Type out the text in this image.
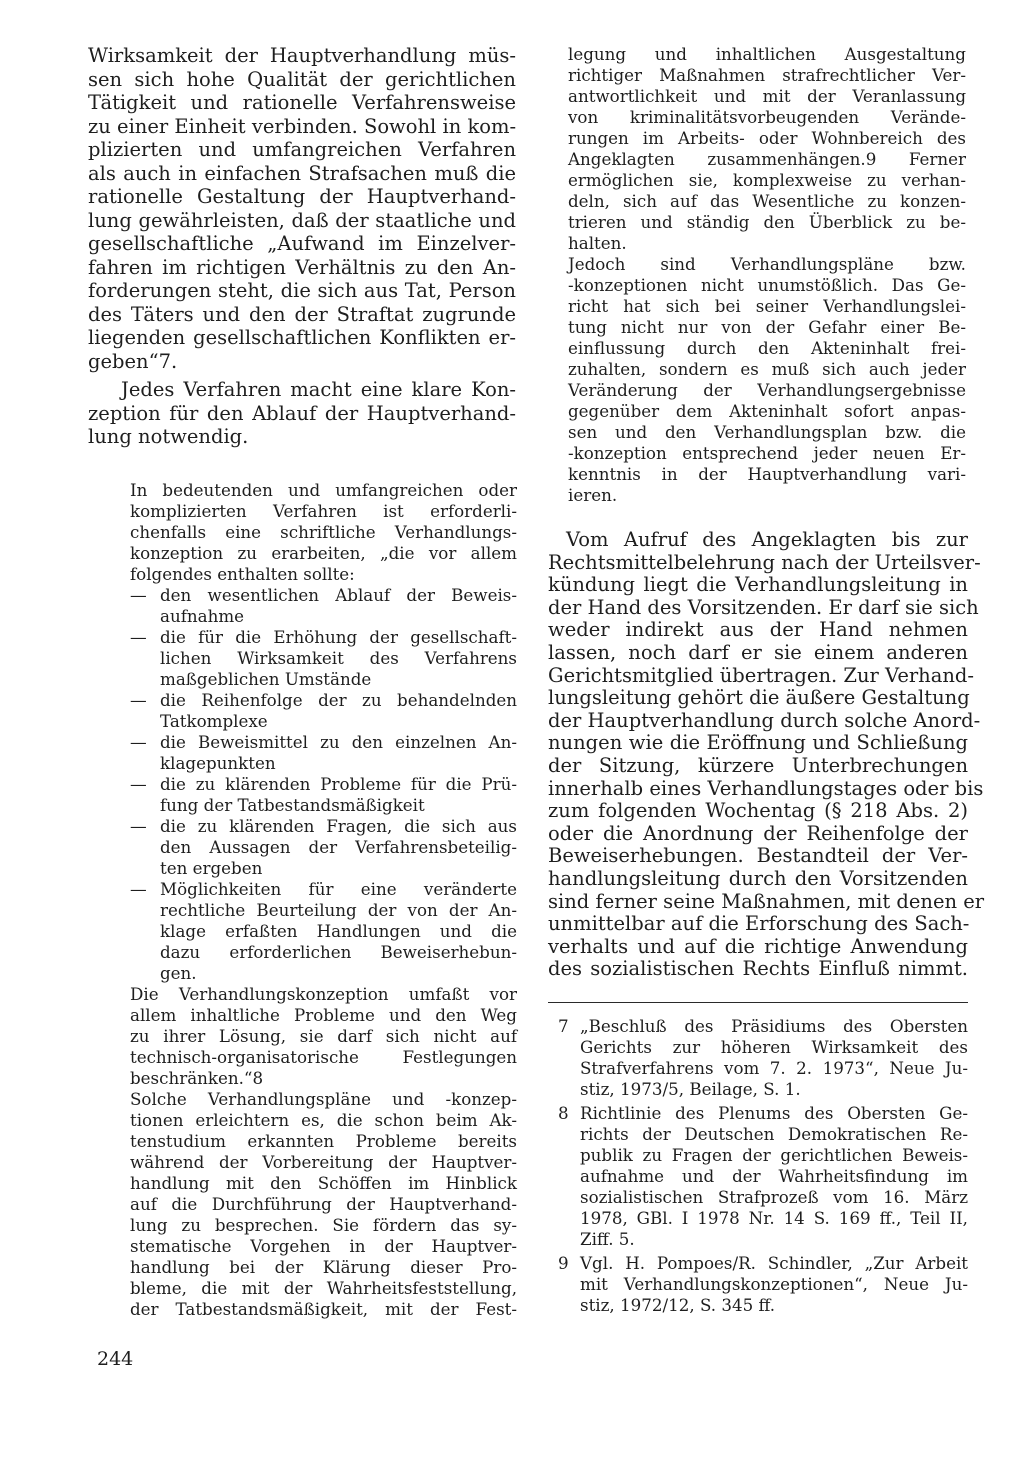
Wirksamkeit der Hauptverhandlung müs-
sen sich hohe Qualität der gerichtlichen
Tätigkeit und rationelle Verfahrensweise
zu einer Einheit verbinden. Sowohl in kom-
plizierten und umfangreichen Verfahren
als auch in einfachen Strafsachen muß die
rationelle Gestaltung der Hauptverhand-
lung gewährleisten, daß der staatliche und
gesellschaftliche „Aufwand im Einzelver-
fahren im richtigen Verhältnis zu den An-
forderungen steht, die sich aus Tat, Person
des Täters und den der Straftat zugrunde
liegenden gesellschaftlichen Konflikten er-
geben“7.
Jedes Verfahren macht eine klare Kon-
zeption für den Ablauf der Hauptverhand-
lung notwendig.
In bedeutenden und umfangreichen oder
komplizierten Verfahren ist erforderli-
chenfalls eine schriftliche Verhandlungs-
konzeption zu erarbeiten, „die vor allem
folgendes enthalten sollte:
— den wesentlichen Ablauf der Beweis-
aufnahme
— die für die Erhöhung der gesellschaft-
lichen Wirksamkeit des Verfahrens
maßgeblichen Umstände
— die Reihenfolge der zu behandelnden
Tatkomplexe
— die Beweismittel zu den einzelnen An-
klagepunkten
— die zu klärenden Probleme für die Prü-
fung der Tatbestandsmäßigkeit
— die zu klärenden Fragen, die sich aus
den Aussagen der Verfahrensbeteilig-
ten ergeben
— Möglichkeiten für eine veränderte
rechtliche Beurteilung der von der An-
klage erfaßten Handlungen und die
dazu erforderlichen Beweiserhebun-
gen.
Die Verhandlungskonzeption umfaßt vor
allem inhaltliche Probleme und den Weg
zu ihrer Lösung, sie darf sich nicht auf
technisch-organisatorische Festlegungen
beschränken.“8
Solche Verhandlungspläne und -konzep-
tionen erleichtern es, die schon beim Ak-
tenstudium erkannten Probleme bereits
während der Vorbereitung der Hauptver-
handlung mit den Schöffen im Hinblick
auf die Durchführung der Hauptverhand-
lung zu besprechen. Sie fördern das sy-
stematische Vorgehen in der Hauptver-
handlung bei der Klärung dieser Pro-
bleme, die mit der Wahrheitsfeststellung,
der Tatbestandsmäßigkeit, mit der Fest-
legung und inhaltlichen Ausgestaltung
richtiger Maßnahmen strafrechtlicher Ver-
antwortlichkeit und mit der Veranlassung
von kriminalitätsvorbeugenden Verände-
rungen im Arbeits- oder Wohnbereich des
Angeklagten zusammenhängen.9 Ferner
ermöglichen sie, komplexweise zu verhan-
deln, sich auf das Wesentliche zu konzen-
trieren und ständig den Überblick zu be-
halten.
Jedoch sind Verhandlungspläne bzw.
-konzeptionen nicht unumstößlich. Das Ge-
richt hat sich bei seiner Verhandlungslei-
tung nicht nur von der Gefahr einer Be-
einflussung durch den Akteninhalt frei-
zuhalten, sondern es muß sich auch jeder
Veränderung der Verhandlungsergebnisse
gegenüber dem Akteninhalt sofort anpas-
sen und den Verhandlungsplan bzw. die
-konzeption entsprechend jeder neuen Er-
kenntnis in der Hauptverhandlung vari-
ieren.
Vom Aufruf des Angeklagten bis zur
Rechtsmittelbelehrung nach der Urteilsver-
kündung liegt die Verhandlungsleitung in
der Hand des Vorsitzenden. Er darf sie sich
weder indirekt aus der Hand nehmen
lassen, noch darf er sie einem anderen
Gerichtsmitglied übertragen. Zur Verhand-
lungsleitung gehört die äußere Gestaltung
der Hauptverhandlung durch solche Anord-
nungen wie die Eröffnung und Schließung
der Sitzung, kürzere Unterbrechungen
innerhalb eines Verhandlungstages oder bis
zum folgenden Wochentag (§ 218 Abs. 2)
oder die Anordnung der Reihenfolge der
Beweiserhebungen. Bestandteil der Ver-
handlungsleitung durch den Vorsitzenden
sind ferner seine Maßnahmen, mit denen er
unmittelbar auf die Erforschung des Sach-
verhalts und auf die richtige Anwendung
des sozialistischen Rechts Einfluß nimmt.
7 „Beschluß des Präsidiums des Obersten
Gerichts zur höheren Wirksamkeit des
Strafverfahrens vom 7. 2. 1973“, Neue Ju-
stiz, 1973/5, Beilage, S. 1.
8 Richtlinie des Plenums des Obersten Ge-
richts der Deutschen Demokratischen Re-
publik zu Fragen der gerichtlichen Beweis-
aufnahme und der Wahrheitsfindung im
sozialistischen Strafprozeß vom 16. März
1978, GBl. I 1978 Nr. 14 S. 169 ff., Teil II,
Ziff. 5.
9 Vgl. H. Pompoes/R. Schindler, „Zur Arbeit
mit Verhandlungskonzeptionen“, Neue Ju-
stiz, 1972/12, S. 345 ff.
244
